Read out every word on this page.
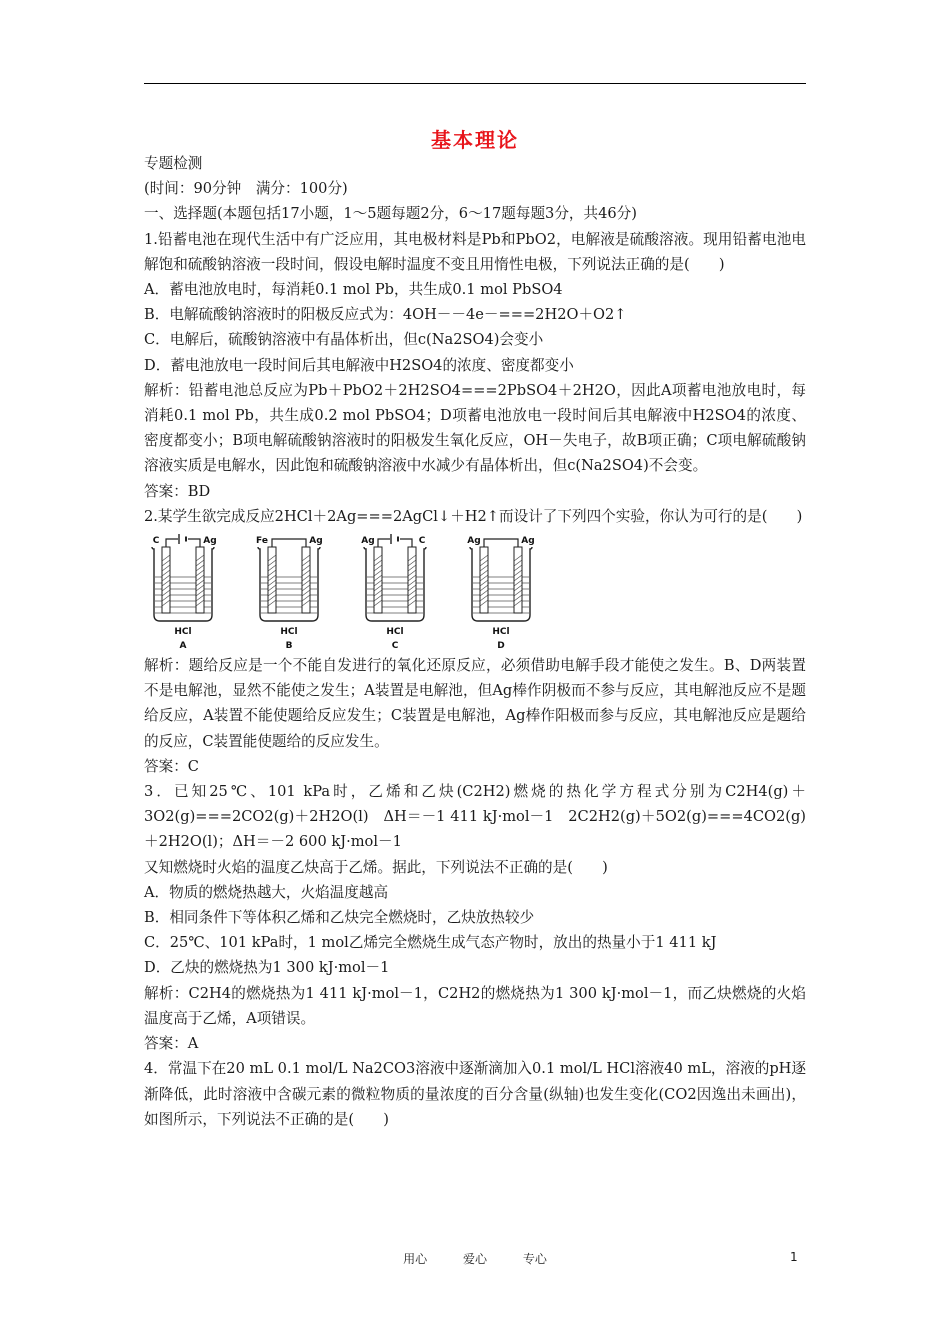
基本理论

专题检测

(时间：90分钟　满分：100分)

一、选择题(本题包括17小题，1～5题每题2分，6～17题每题3分，共46分)

1.铅蓄电池在现代生活中有广泛应用，其电极材料是Pb和PbO2，电解液是硫酸溶液。现用铅蓄电池电解饱和硫酸钠溶液一段时间，假设电解时温度不变且用惰性电极，下列说法正确的是(　　)

A．蓄电池放电时，每消耗0.1 mol Pb，共生成0.1 mol PbSO4

B．电解硫酸钠溶液时的阳极反应式为：4OH－－4e－===2H2O＋O2↑

C．电解后，硫酸钠溶液中有晶体析出，但c(Na2SO4)会变小

D．蓄电池放电一段时间后其电解液中H2SO4的浓度、密度都变小

解析：铅蓄电池总反应为Pb＋PbO2＋2H2SO4===2PbSO4＋2H2O，因此A项蓄电池放电时，每消耗0.1 mol Pb，共生成0.2 mol PbSO4；D项蓄电池放电一段时间后其电解液中H2SO4的浓度、密度都变小；B项电解硫酸钠溶液时的阳极发生氧化反应，OH－失电子，故B项正确；C项电解硫酸钠溶液实质是电解水，因此饱和硫酸钠溶液中水减少有晶体析出，但c(Na2SO4)不会变。

答案：BD

2.某学生欲完成反应2HCl＋2Ag===2AgCl↓＋H2↑而设计了下列四个实验，你认为可行的是(　　)

C	Ag
HCl
A
Fe	Ag
HCl
B
Ag	C
HCl
C
Ag	Ag
HCl
D

解析：题给反应是一个不能自发进行的氧化还原反应，必须借助电解手段才能使之发生。B、D两装置不是电解池，显然不能使之发生；A装置是电解池，但Ag棒作阴极而不参与反应，其电解池反应不是题给反应，A装置不能使题给反应发生；C装置是电解池，Ag棒作阳极而参与反应，其电解池反应是题给的反应，C装置能使题给的反应发生。

答案：C

3．已知25℃、101 kPa时，乙烯和乙炔(C2H2)燃烧的热化学方程式分别为C2H4(g)＋3O2(g)===2CO2(g)＋2H2O(l)　ΔH＝－1 411 kJ·mol－1　2C2H2(g)＋5O2(g)===4CO2(g)＋2H2O(l)；ΔH＝－2 600 kJ·mol－1

又知燃烧时火焰的温度乙炔高于乙烯。据此，下列说法不正确的是(　　)

A．物质的燃烧热越大，火焰温度越高

B．相同条件下等体积乙烯和乙炔完全燃烧时，乙炔放热较少

C．25℃、101 kPa时，1 mol乙烯完全燃烧生成气态产物时，放出的热量小于1 411 kJ

D．乙炔的燃烧热为1 300 kJ·mol－1

解析：C2H4的燃烧热为1 411 kJ·mol－1，C2H2的燃烧热为1 300 kJ·mol－1，而乙炔燃烧的火焰温度高于乙烯，A项错误。

答案：A

4．常温下在20 mL 0.1 mol/L Na2CO3溶液中逐渐滴加入0.1 mol/L HCl溶液40 mL，溶液的pH逐渐降低，此时溶液中含碳元素的微粒物质的量浓度的百分含量(纵轴)也发生变化(CO2因逸出未画出)，如图所示，下列说法不正确的是(　　)

用心	爱心	专心	1
